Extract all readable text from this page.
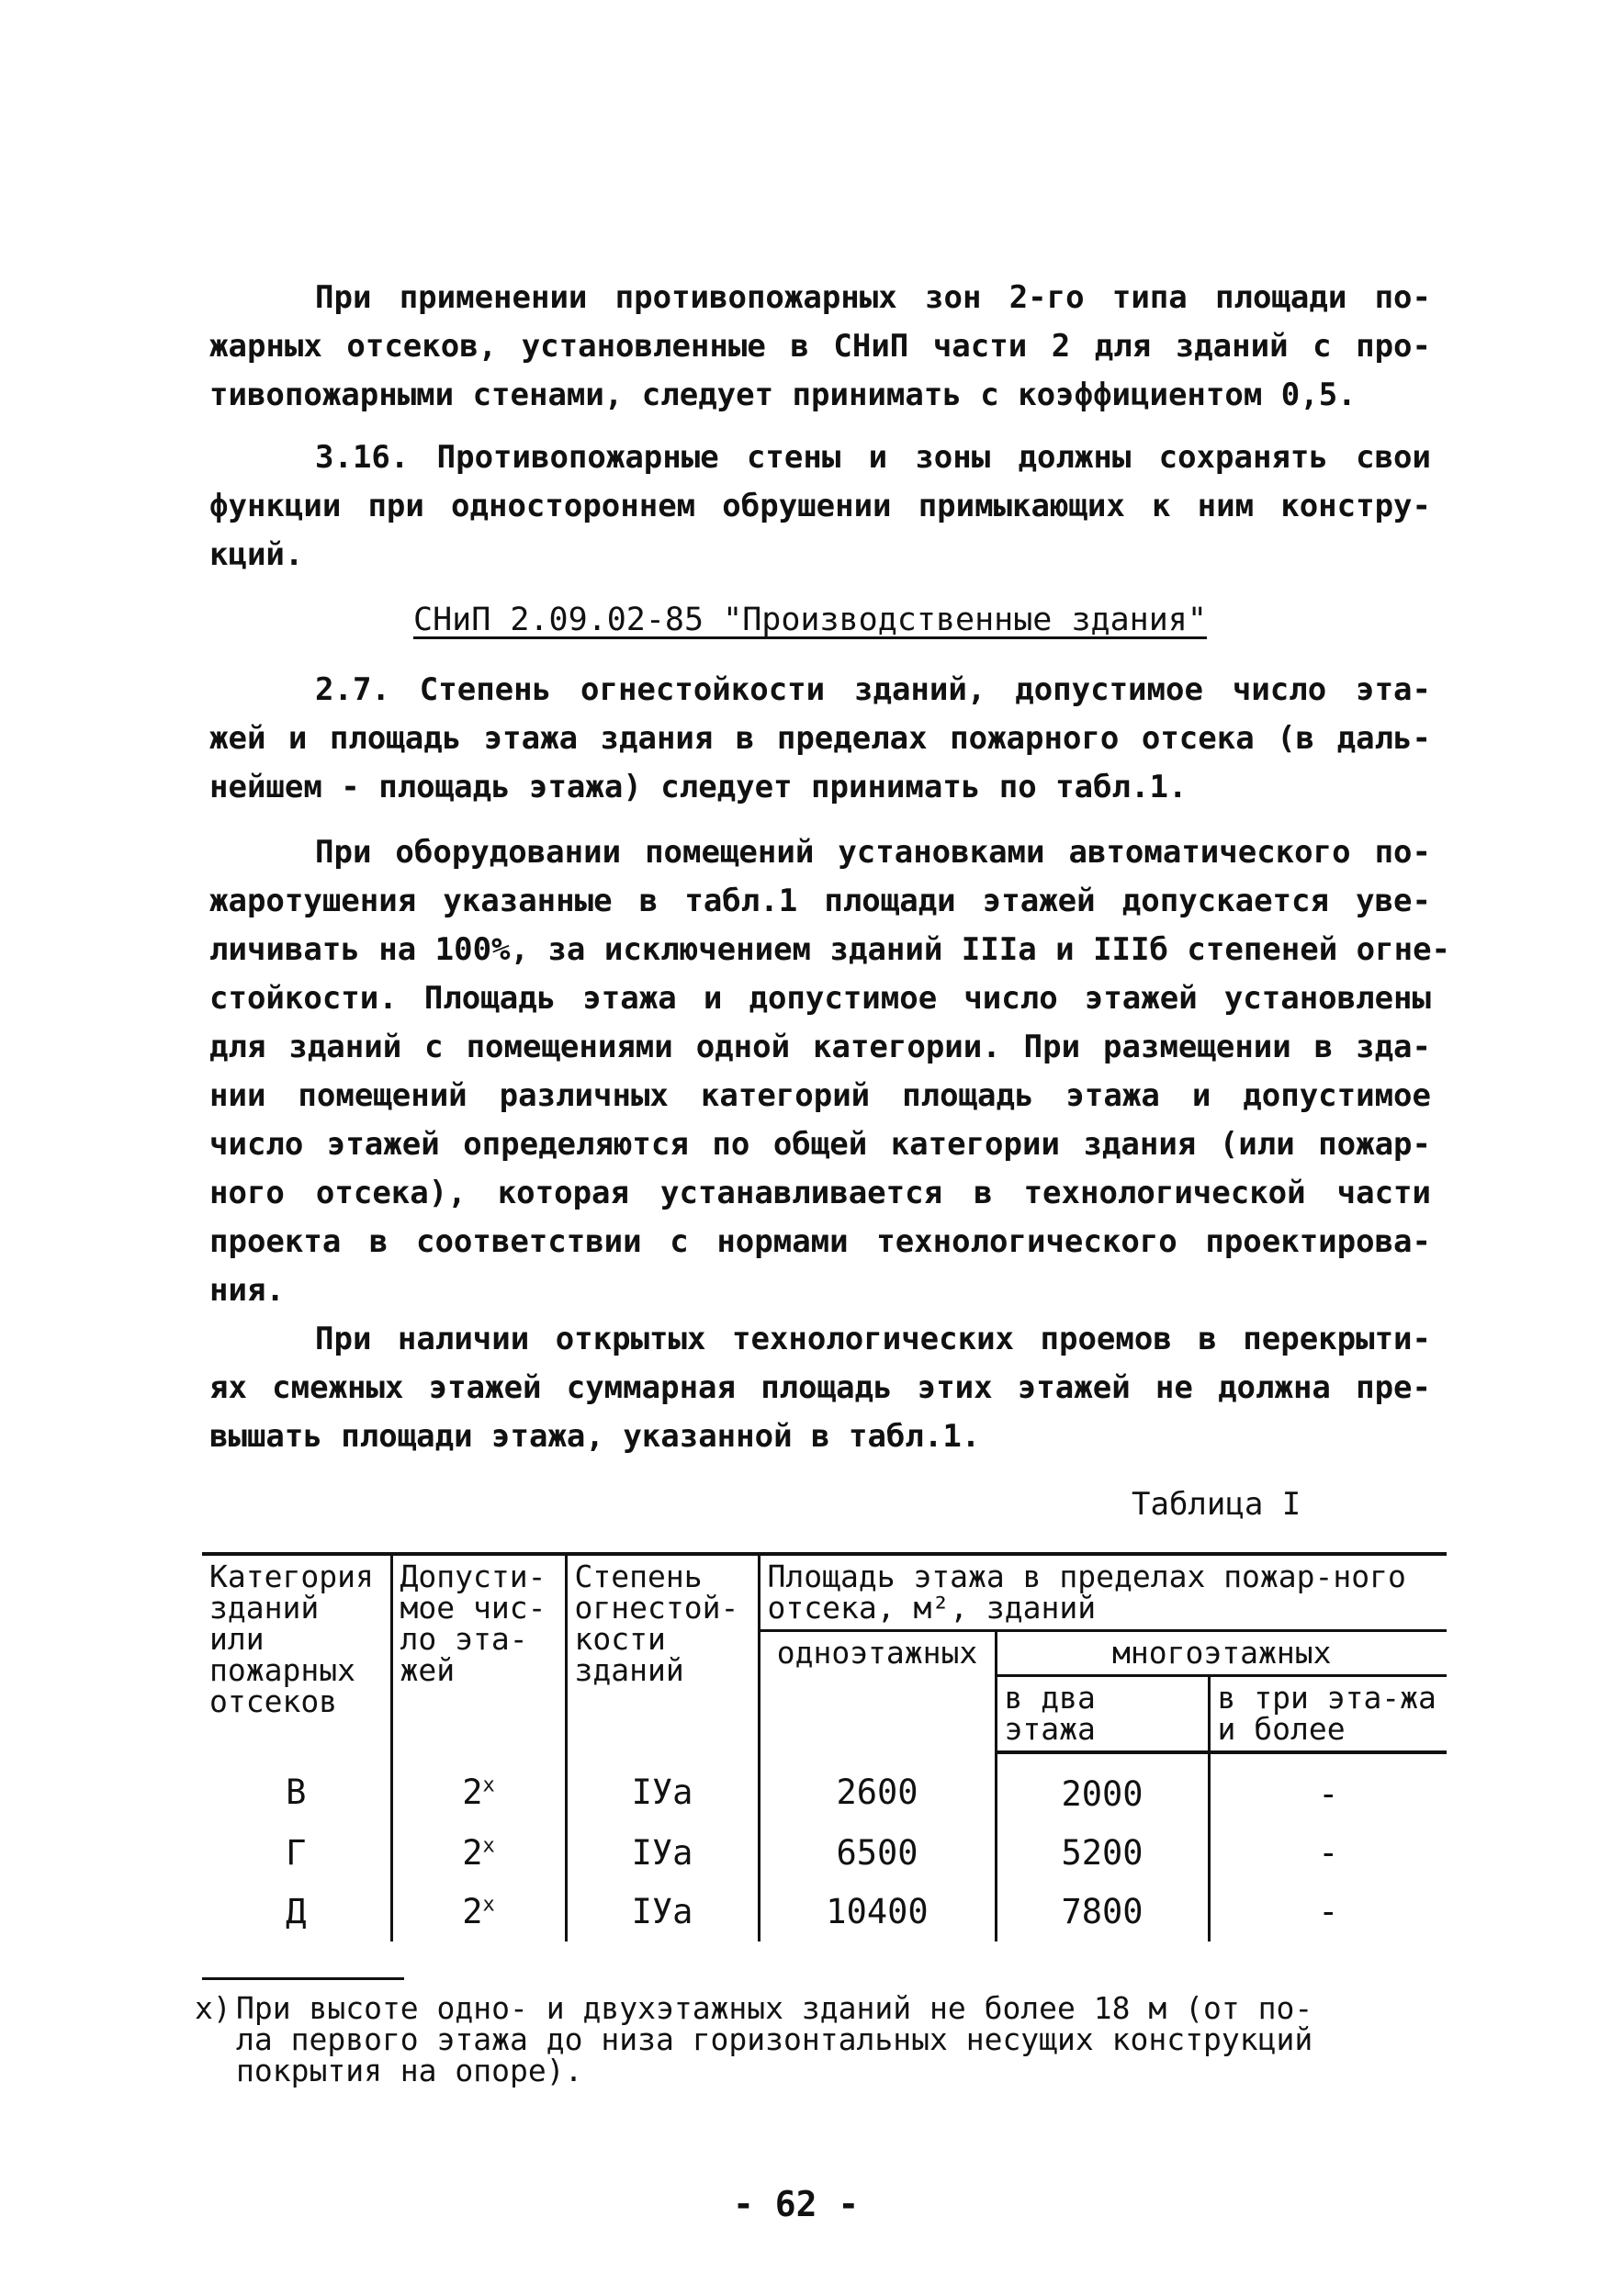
При применении противопожарных зон 2-го типа площади по-
жарных отсеков, установленные в СНиП части 2 для зданий с про-
тивопожарными стенами, следует принимать с коэффициентом 0,5.
3.16. Противопожарные стены и зоны должны сохранять свои
функции при одностороннем обрушении примыкающих к ним констру-
кций.
СНиП 2.09.02-85 "Производственные здания"
2.7. Степень огнестойкости зданий, допустимое число эта-
жей и площадь этажа здания в пределах пожарного отсека (в даль-
нейшем - площадь этажа) следует принимать по табл.1.
При оборудовании помещений установками автоматического по-
жаротушения указанные в табл.1 площади этажей допускается уве-
личивать на 100%, за исключением зданий IIIа и IIIб степеней огне-
стойкости. Площадь этажа и допустимое число этажей установлены
для зданий с помещениями одной категории. При размещении в зда-
нии помещений различных категорий площадь этажа и допустимое
число этажей определяются по общей категории здания (или пожар-
ного отсека), которая устанавливается в технологической части
проекта в соответствии с нормами технологического проектирова-
ния.
При наличии открытых технологических проемов в перекрыти-
ях смежных этажей суммарная площадь этих этажей не должна пре-
вышать площади этажа, указанной в табл.1.
Таблица I
Категория зданий или пожарных отсеков	Допусти-мое чис-ло эта-жей	Степень огнестой-кости зданий	Площадь этажа в пределах пожар-ного отсека, м², зданий		
			одноэтажных	многоэтажных	
				в два этажа	в три эта-жа и более
В	$2^х$	IУа	2600	2000	-
Г	$2^х$	IУа	6500	5200	-
Д	$2^х$	IУа	10400	7800	-
х) При высоте одно- и двухэтажных зданий не более 18 м (от по-
ла первого этажа до низа горизонтальных несущих конструкций
покрытия на опоре).
- 62 -
